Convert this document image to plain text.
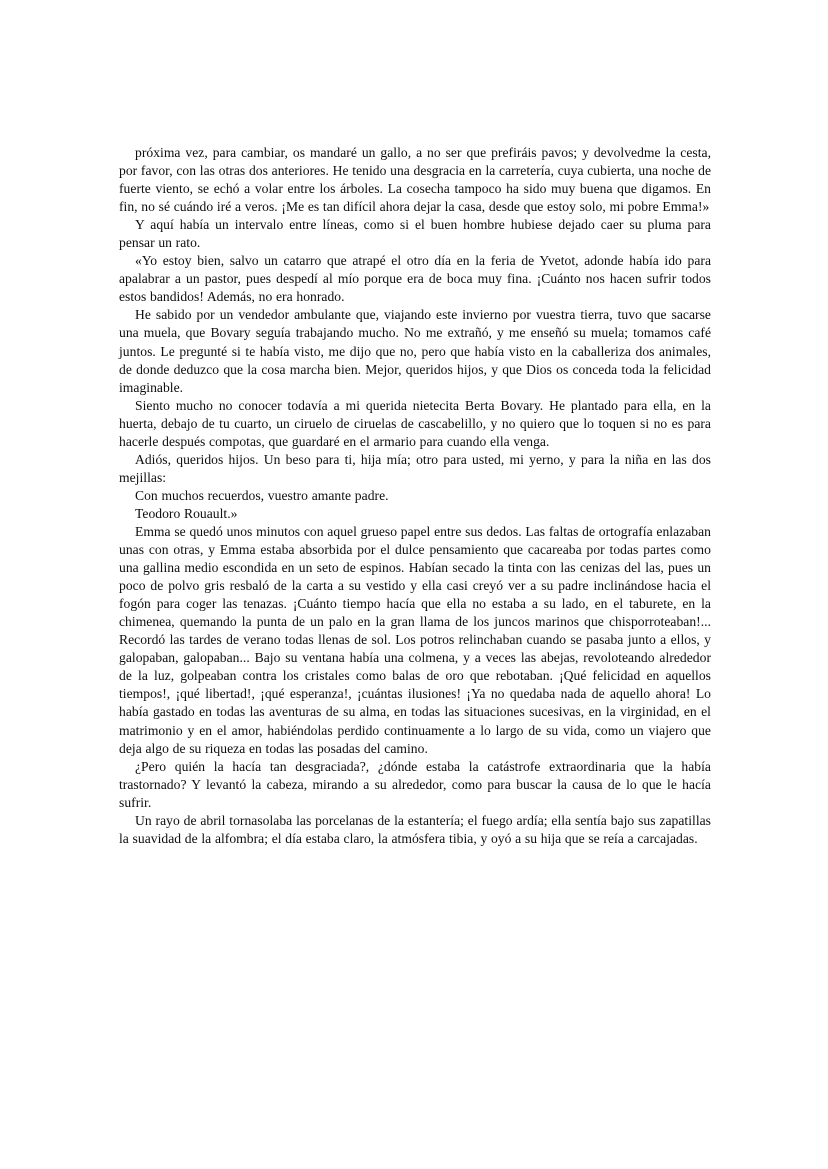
próxima vez, para cambiar, os mandaré un gallo, a no ser que prefiráis pavos; y devolvedme la cesta, por favor, con las otras dos anteriores. He tenido una desgracia en la carretería, cuya cubierta, una noche de fuerte viento, se echó a volar entre los árboles. La cosecha tampoco ha sido muy buena que digamos. En fin, no sé cuándo iré a veros. ¡Me es tan difícil ahora dejar la casa, desde que estoy solo, mi pobre Emma!»

Y aquí había un intervalo entre líneas, como si el buen hombre hubiese dejado caer su pluma para pensar un rato.

«Yo estoy bien, salvo un catarro que atrapé el otro día en la feria de Yvetot, adonde había ido para apalabrar a un pastor, pues despedí al mío porque era de boca muy fina. ¡Cuánto nos hacen sufrir todos estos bandidos! Además, no era honrado.

He sabido por un vendedor ambulante que, viajando este invierno por vuestra tierra, tuvo que sacarse una muela, que Bovary seguía trabajando mucho. No me extrañó, y me enseñó su muela; tomamos café juntos. Le pregunté si te había visto, me dijo que no, pero que había visto en la caballeriza dos animales, de donde deduzco que la cosa marcha bien. Mejor, queridos hijos, y que Dios os conceda toda la felicidad imaginable.

Siento mucho no conocer todavía a mi querida nietecita Berta Bovary. He plantado para ella, en la huerta, debajo de tu cuarto, un ciruelo de ciruelas de cascabelillo, y no quiero que lo toquen si no es para hacerle después compotas, que guardaré en el armario para cuando ella venga.

Adiós, queridos hijos. Un beso para ti, hija mía; otro para usted, mi yerno, y para la niña en las dos mejillas:

Con muchos recuerdos, vuestro amante padre.

Teodoro Rouault.»

Emma se quedó unos minutos con aquel grueso papel entre sus dedos. Las faltas de ortografía enlazaban unas con otras, y Emma estaba absorbida por el dulce pensamiento que cacareaba por todas partes como una gallina medio escondida en un seto de espinos. Habían secado la tinta con las cenizas del las, pues un poco de polvo gris resbaló de la carta a su vestido y ella casi creyó ver a su padre inclinándose hacia el fogón para coger las tenazas. ¡Cuánto tiempo hacía que ella no estaba a su lado, en el taburete, en la chimenea, quemando la punta de un palo en la gran llama de los juncos marinos que chisporroteaban!... Recordó las tardes de verano todas llenas de sol. Los potros relinchaban cuando se pasaba junto a ellos, y galopaban, galopaban... Bajo su ventana había una colmena, y a veces las abejas, revoloteando alrededor de la luz, golpeaban contra los cristales como balas de oro que rebotaban. ¡Qué felicidad en aquellos tiempos!, ¡qué libertad!, ¡qué esperanza!, ¡cuántas ilusiones! ¡Ya no quedaba nada de aquello ahora! Lo había gastado en todas las aventuras de su alma, en todas las situaciones sucesivas, en la virginidad, en el matrimonio y en el amor, habiéndolas perdido continuamente a lo largo de su vida, como un viajero que deja algo de su riqueza en todas las posadas del camino.

¿Pero quién la hacía tan desgraciada?, ¿dónde estaba la catástrofe extraordinaria que la había trastornado? Y levantó la cabeza, mirando a su alrededor, como para buscar la causa de lo que le hacía sufrir.

Un rayo de abril tornasolaba las porcelanas de la estantería; el fuego ardía; ella sentía bajo sus zapatillas la suavidad de la alfombra; el día estaba claro, la atmósfera tibia, y oyó a su hija que se reía a carcajadas.
